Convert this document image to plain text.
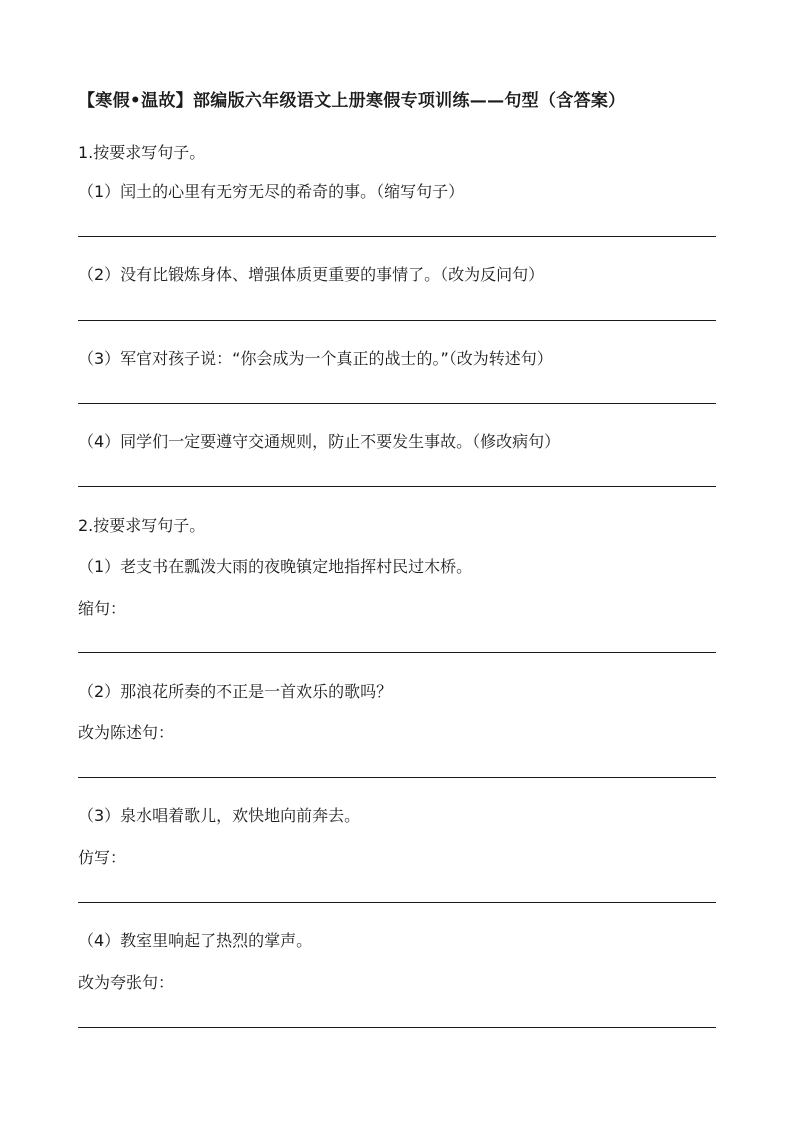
【寒假•温故】部编版六年级语文上册寒假专项训练——句型（含答案）
1.按要求写句子。
（1）闰土的心里有无穷无尽的希奇的事。（缩写句子）
（2）没有比锻炼身体、增强体质更重要的事情了。（改为反问句）
（3）军官对孩子说：“你会成为一个真正的战士的。”（改为转述句）
（4）同学们一定要遵守交通规则，防止不要发生事故。（修改病句）
2.按要求写句子。
（1）老支书在瓢泼大雨的夜晚镇定地指挥村民过木桥。
缩句：
（2）那浪花所奏的不正是一首欢乐的歌吗？
改为陈述句：
（3）泉水唱着歌儿，欢快地向前奔去。
仿写：
（4）教室里响起了热烈的掌声。
改为夸张句：
